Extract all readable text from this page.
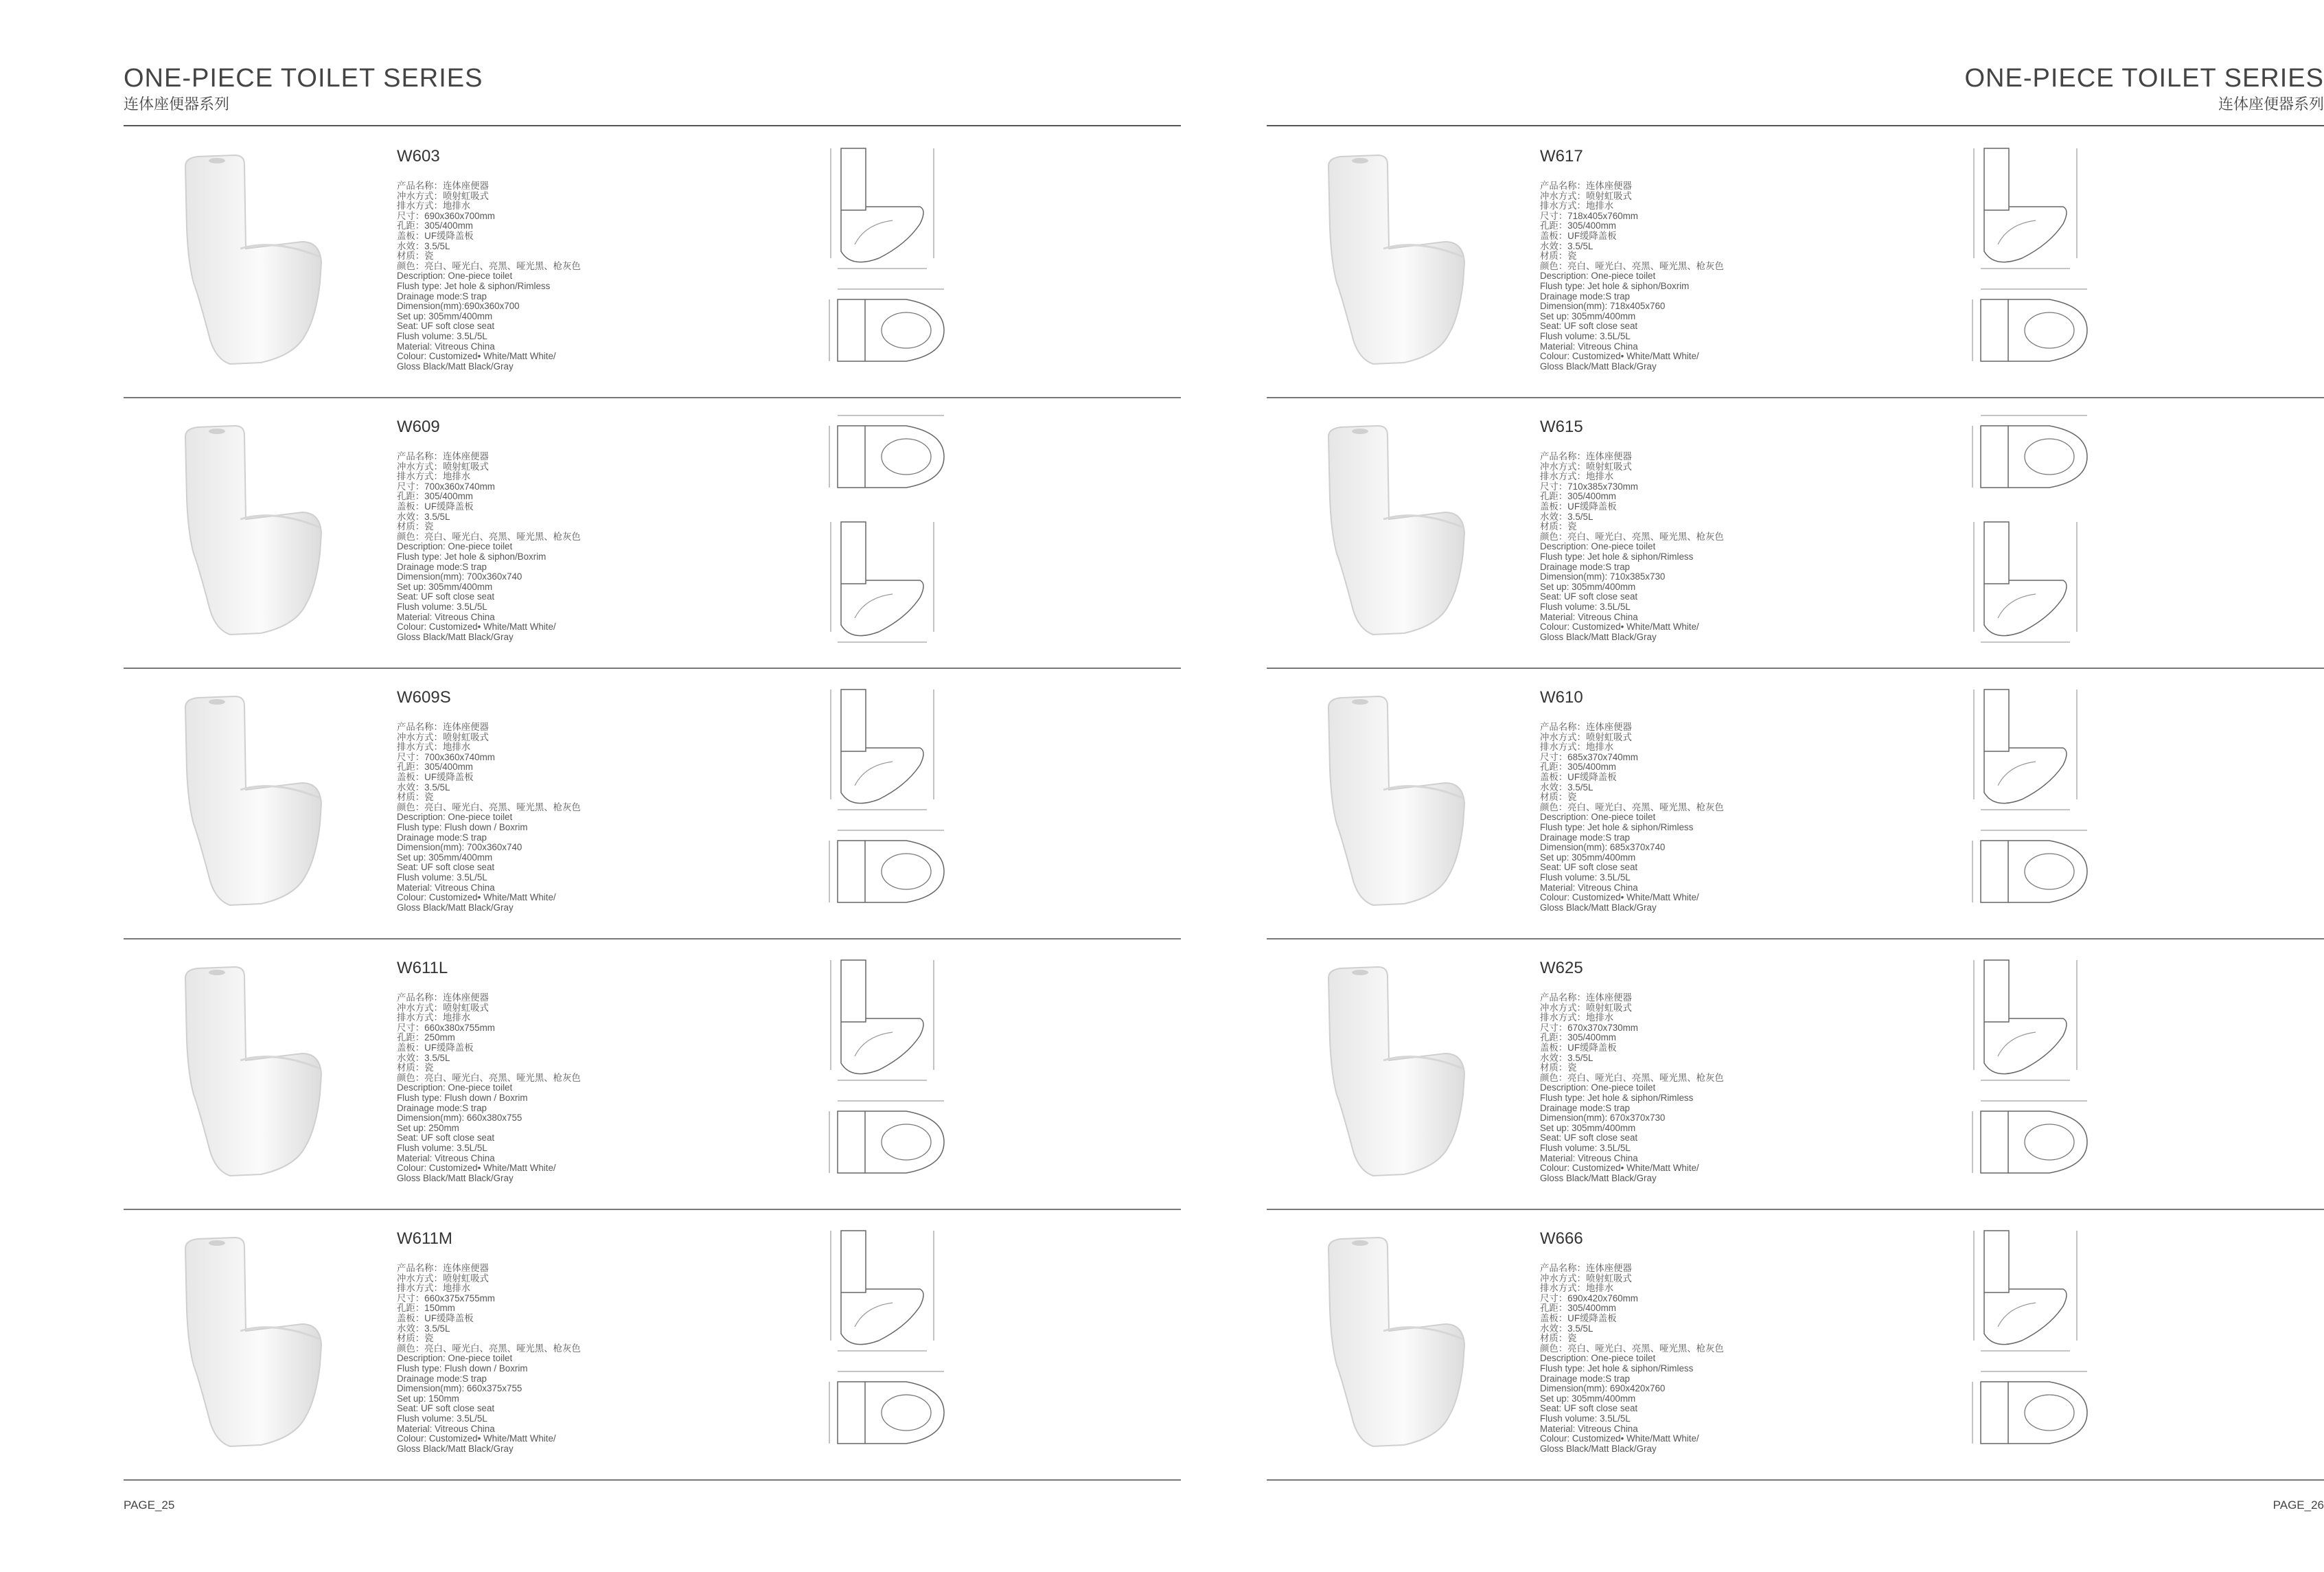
ONE-PIECE TOILET SERIES
连体座便器系列
W603
产品名称：连体座便器
冲水方式：喷射虹吸式
排水方式：地排水
尺寸：690x360x700mm
孔距：305/400mm
盖板：UF缓降盖板
水效：3.5/5L
材质：瓷
颜色：亮白、哑光白、亮黑、哑光黑、枪灰色
Description: One-piece toilet
Flush type: Jet hole & siphon/Rimless
Drainage mode:S trap
Dimension(mm):690x360x700
Set up: 305mm/400mm
Seat: UF soft close seat
Flush volume: 3.5L/5L
Material: Vitreous China
Colour: Customized• White/Matt White/
Gloss Black/Matt Black/Gray
W609
产品名称：连体座便器
冲水方式：喷射虹吸式
排水方式：地排水
尺寸：700x360x740mm
孔距：305/400mm
盖板：UF缓降盖板
水效：3.5/5L
材质：瓷
颜色：亮白、哑光白、亮黑、哑光黑、枪灰色
Description: One-piece toilet
Flush type: Jet hole & siphon/Boxrim
Drainage mode:S trap
Dimension(mm): 700x360x740
Set up: 305mm/400mm
Seat: UF soft close seat
Flush volume: 3.5L/5L
Material: Vitreous China
Colour: Customized• White/Matt White/
Gloss Black/Matt Black/Gray
W609S
产品名称：连体座便器
冲水方式：喷射虹吸式
排水方式：地排水
尺寸：700x360x740mm
孔距：305/400mm
盖板：UF缓降盖板
水效：3.5/5L
材质：瓷
颜色：亮白、哑光白、亮黑、哑光黑、枪灰色
Description: One-piece toilet
Flush type: Flush down / Boxrim
Drainage mode:S trap
Dimension(mm): 700x360x740
Set up: 305mm/400mm
Seat: UF soft close seat
Flush volume: 3.5L/5L
Material: Vitreous China
Colour: Customized• White/Matt White/
Gloss Black/Matt Black/Gray
W611L
产品名称：连体座便器
冲水方式：喷射虹吸式
排水方式：地排水
尺寸：660x380x755mm
孔距：250mm
盖板：UF缓降盖板
水效：3.5/5L
材质：瓷
颜色：亮白、哑光白、亮黑、哑光黑、枪灰色
Description: One-piece toilet
Flush type: Flush down / Boxrim
Drainage mode:S trap
Dimension(mm): 660x380x755
Set up: 250mm
Seat: UF soft close seat
Flush volume: 3.5L/5L
Material: Vitreous China
Colour: Customized• White/Matt White/
Gloss Black/Matt Black/Gray
W611M
产品名称：连体座便器
冲水方式：喷射虹吸式
排水方式：地排水
尺寸：660x375x755mm
孔距：150mm
盖板：UF缓降盖板
水效：3.5/5L
材质：瓷
颜色：亮白、哑光白、亮黑、哑光黑、枪灰色
Description: One-piece toilet
Flush type: Flush down / Boxrim
Drainage mode:S trap
Dimension(mm): 660x375x755
Set up: 150mm
Seat: UF soft close seat
Flush volume: 3.5L/5L
Material: Vitreous China
Colour: Customized• White/Matt White/
Gloss Black/Matt Black/Gray
PAGE_25
ONE-PIECE TOILET SERIES
连体座便器系列
W617
产品名称：连体座便器
冲水方式：喷射虹吸式
排水方式：地排水
尺寸：718x405x760mm
孔距：305/400mm
盖板：UF缓降盖板
水效：3.5/5L
材质：瓷
颜色：亮白、哑光白、亮黑、哑光黑、枪灰色
Description: One-piece toilet
Flush type: Jet hole & siphon/Boxrim
Drainage mode:S trap
Dimension(mm): 718x405x760
Set up: 305mm/400mm
Seat: UF soft close seat
Flush volume: 3.5L/5L
Material: Vitreous China
Colour: Customized• White/Matt White/
Gloss Black/Matt Black/Gray
W615
产品名称：连体座便器
冲水方式：喷射虹吸式
排水方式：地排水
尺寸：710x385x730mm
孔距：305/400mm
盖板：UF缓降盖板
水效：3.5/5L
材质：瓷
颜色：亮白、哑光白、亮黑、哑光黑、枪灰色
Description: One-piece toilet
Flush type: Jet hole & siphon/Rimless
Drainage mode:S trap
Dimension(mm): 710x385x730
Set up: 305mm/400mm
Seat: UF soft close seat
Flush volume: 3.5L/5L
Material: Vitreous China
Colour: Customized• White/Matt White/
Gloss Black/Matt Black/Gray
W610
产品名称：连体座便器
冲水方式：喷射虹吸式
排水方式：地排水
尺寸：685x370x740mm
孔距：305/400mm
盖板：UF缓降盖板
水效：3.5/5L
材质：瓷
颜色：亮白、哑光白、亮黑、哑光黑、枪灰色
Description: One-piece toilet
Flush type: Jet hole & siphon/Rimless
Drainage mode:S trap
Dimension(mm): 685x370x740
Set up: 305mm/400mm
Seat: UF soft close seat
Flush volume: 3.5L/5L
Material: Vitreous China
Colour: Customized• White/Matt White/
Gloss Black/Matt Black/Gray
W625
产品名称：连体座便器
冲水方式：喷射虹吸式
排水方式：地排水
尺寸：670x370x730mm
孔距：305/400mm
盖板：UF缓降盖板
水效：3.5/5L
材质：瓷
颜色：亮白、哑光白、亮黑、哑光黑、枪灰色
Description: One-piece toilet
Flush type: Jet hole & siphon/Rimless
Drainage mode:S trap
Dimension(mm): 670x370x730
Set up: 305mm/400mm
Seat: UF soft close seat
Flush volume: 3.5L/5L
Material: Vitreous China
Colour: Customized• White/Matt White/
Gloss Black/Matt Black/Gray
W666
产品名称：连体座便器
冲水方式：喷射虹吸式
排水方式：地排水
尺寸：690x420x760mm
孔距：305/400mm
盖板：UF缓降盖板
水效：3.5/5L
材质：瓷
颜色：亮白、哑光白、亮黑、哑光黑、枪灰色
Description: One-piece toilet
Flush type: Jet hole & siphon/Rimless
Drainage mode:S trap
Dimension(mm): 690x420x760
Set up: 305mm/400mm
Seat: UF soft close seat
Flush volume: 3.5L/5L
Material: Vitreous China
Colour: Customized• White/Matt White/
Gloss Black/Matt Black/Gray
PAGE_26
